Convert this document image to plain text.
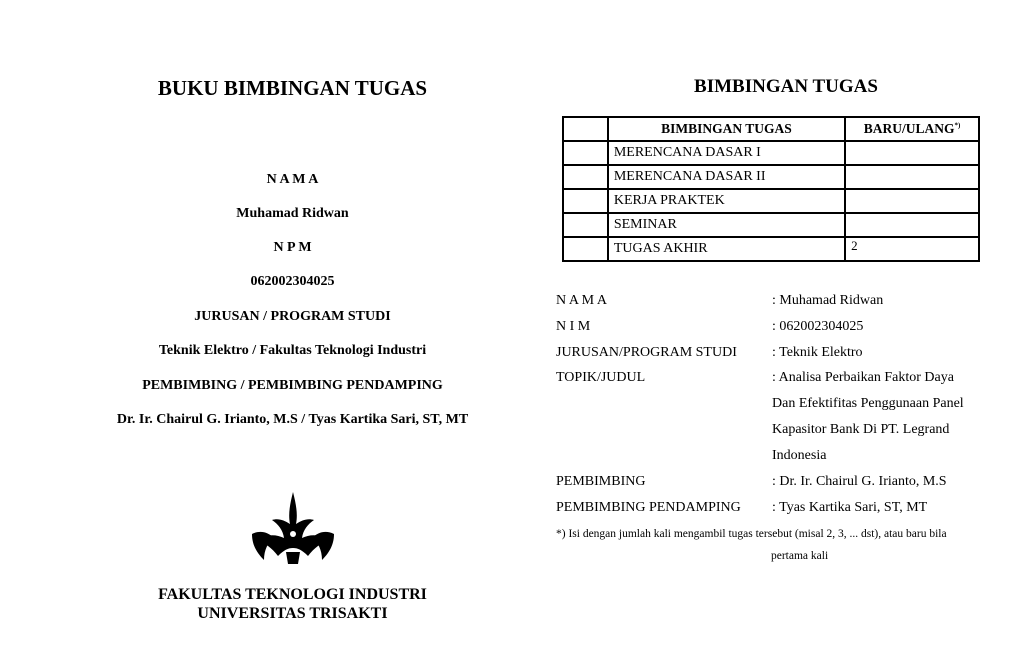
BUKU BIMBINGAN TUGAS
N A M A
Muhamad Ridwan
N P M
062002304025
JURUSAN / PROGRAM STUDI
Teknik Elektro / Fakultas Teknologi Industri
PEMBIMBING / PEMBIMBING PENDAMPING
Dr. Ir. Chairul G. Irianto, M.S / Tyas Kartika Sari, ST, MT
FAKULTAS TEKNOLOGI INDUSTRI
UNIVERSITAS TRISAKTI
BIMBINGAN TUGAS
	BIMBINGAN TUGAS	BARU/ULANG*)
	MERENCANA DASAR I	
	MERENCANA DASAR II	
	KERJA PRAKTEK	
	SEMINAR	
	TUGAS AKHIR	2
N A M A	: Muhamad Ridwan
N I M	: 062002304025
JURUSAN/PROGRAM STUDI	: Teknik Elektro
TOPIK/JUDUL	: Analisa Perbaikan Faktor Daya
Dan Efektifitas Penggunaan Panel
Kapasitor Bank Di PT. Legrand
Indonesia
PEMBIMBING	: Dr. Ir. Chairul G. Irianto, M.S
PEMBIMBING PENDAMPING : Tyas Kartika Sari, ST, MT
*) Isi dengan jumlah kali mengambil tugas tersebut (misal 2, 3, ... dst), atau baru bila
pertama kali
